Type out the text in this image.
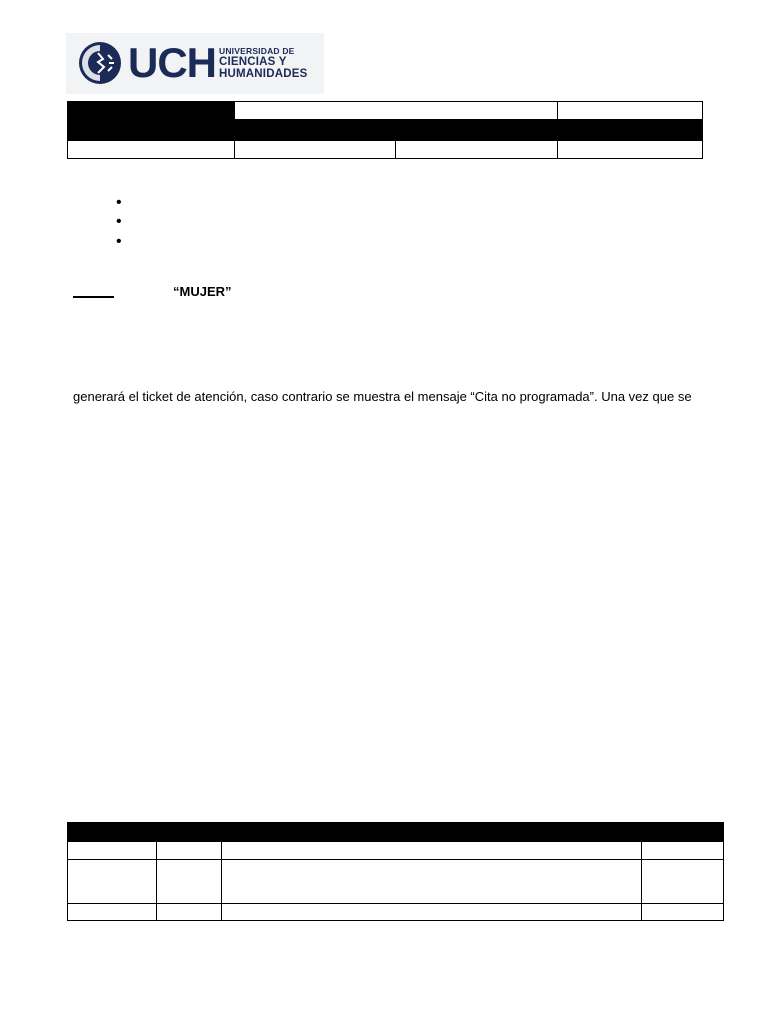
UCH UNIVERSIDAD DE
CIENCIAS Y
HUMANIDADES
•
•
•
“MUJER”
generará el ticket de atención, caso contrario se muestra el mensaje “Cita no programada”. Una vez que se
